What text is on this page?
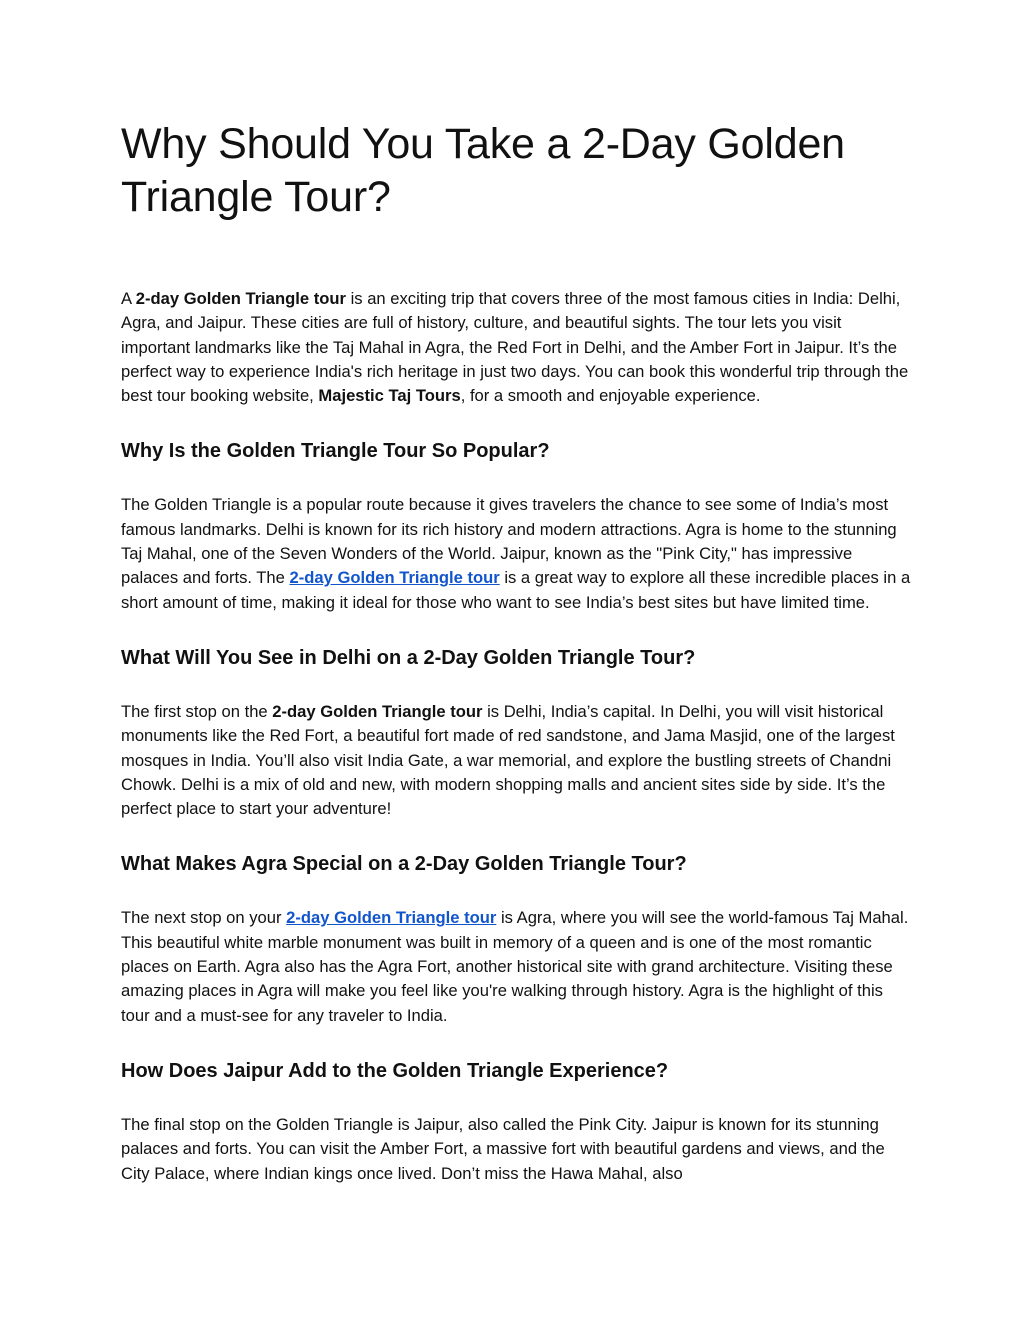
Why Should You Take a 2-Day Golden Triangle Tour?

A 2-day Golden Triangle tour is an exciting trip that covers three of the most famous cities in India: Delhi, Agra, and Jaipur. These cities are full of history, culture, and beautiful sights. The tour lets you visit important landmarks like the Taj Mahal in Agra, the Red Fort in Delhi, and the Amber Fort in Jaipur. It’s the perfect way to experience India's rich heritage in just two days. You can book this wonderful trip through the best tour booking website, Majestic Taj Tours, for a smooth and enjoyable experience.

Why Is the Golden Triangle Tour So Popular?

The Golden Triangle is a popular route because it gives travelers the chance to see some of India’s most famous landmarks. Delhi is known for its rich history and modern attractions. Agra is home to the stunning Taj Mahal, one of the Seven Wonders of the World. Jaipur, known as the "Pink City," has impressive palaces and forts. The 2-day Golden Triangle tour is a great way to explore all these incredible places in a short amount of time, making it ideal for those who want to see India’s best sites but have limited time.

What Will You See in Delhi on a 2-Day Golden Triangle Tour?

The first stop on the 2-day Golden Triangle tour is Delhi, India’s capital. In Delhi, you will visit historical monuments like the Red Fort, a beautiful fort made of red sandstone, and Jama Masjid, one of the largest mosques in India. You’ll also visit India Gate, a war memorial, and explore the bustling streets of Chandni Chowk. Delhi is a mix of old and new, with modern shopping malls and ancient sites side by side. It’s the perfect place to start your adventure!

What Makes Agra Special on a 2-Day Golden Triangle Tour?

The next stop on your 2-day Golden Triangle tour is Agra, where you will see the world-famous Taj Mahal. This beautiful white marble monument was built in memory of a queen and is one of the most romantic places on Earth. Agra also has the Agra Fort, another historical site with grand architecture. Visiting these amazing places in Agra will make you feel like you're walking through history. Agra is the highlight of this tour and a must-see for any traveler to India.

How Does Jaipur Add to the Golden Triangle Experience?

The final stop on the Golden Triangle is Jaipur, also called the Pink City. Jaipur is known for its stunning palaces and forts. You can visit the Amber Fort, a massive fort with beautiful gardens and views, and the City Palace, where Indian kings once lived. Don’t miss the Hawa Mahal, also
